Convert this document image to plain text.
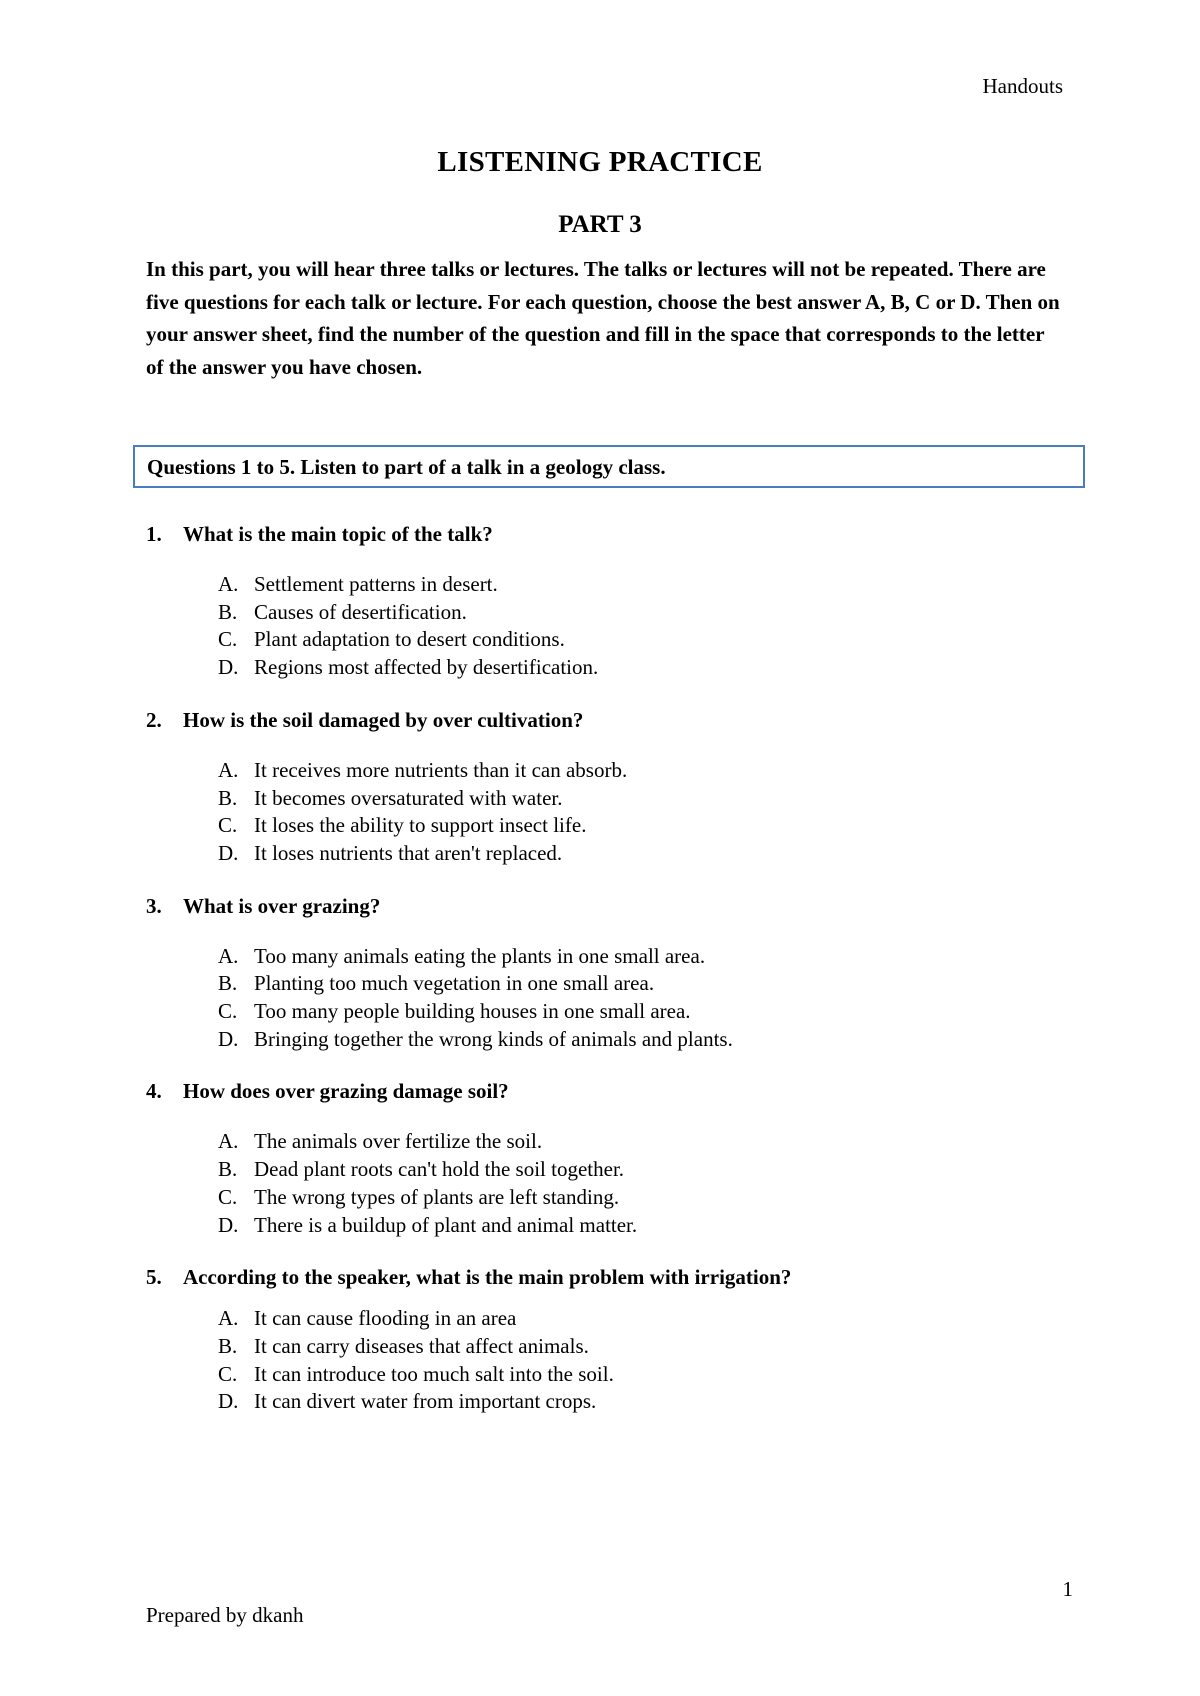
Handouts
LISTENING PRACTICE
PART 3
In this part, you will hear three talks or lectures. The talks or lectures will not be repeated. There are five questions for each talk or lecture. For each question, choose the best answer A, B, C or D. Then on your answer sheet, find the number of the question and fill in the space that corresponds to the letter of the answer you have chosen.
Questions 1 to 5. Listen to part of a talk in a geology class.
1.	What is the main topic of the talk?
A. Settlement patterns in desert.
B. Causes of desertification.
C. Plant adaptation to desert conditions.
D. Regions most affected by desertification.
2.	How is the soil damaged by over cultivation?
A. It receives more nutrients than it can absorb.
B. It becomes oversaturated with water.
C. It loses the ability to support insect life.
D. It loses nutrients that aren't replaced.
3.	What is over grazing?
A. Too many animals eating the plants in one small area.
B. Planting too much vegetation in one small area.
C. Too many people building houses in one small area.
D. Bringing together the wrong kinds of animals and plants.
4.	How does over grazing damage soil?
A. The animals over fertilize the soil.
B. Dead plant roots can't hold the soil together.
C. The wrong types of plants are left standing.
D. There is a buildup of plant and animal matter.
5.	According to the speaker, what is the main problem with irrigation?
A. It can cause flooding in an area
B. It can carry diseases that affect animals.
C. It can introduce too much salt into the soil.
D. It can divert water from important crops.
1
Prepared by dkanh
